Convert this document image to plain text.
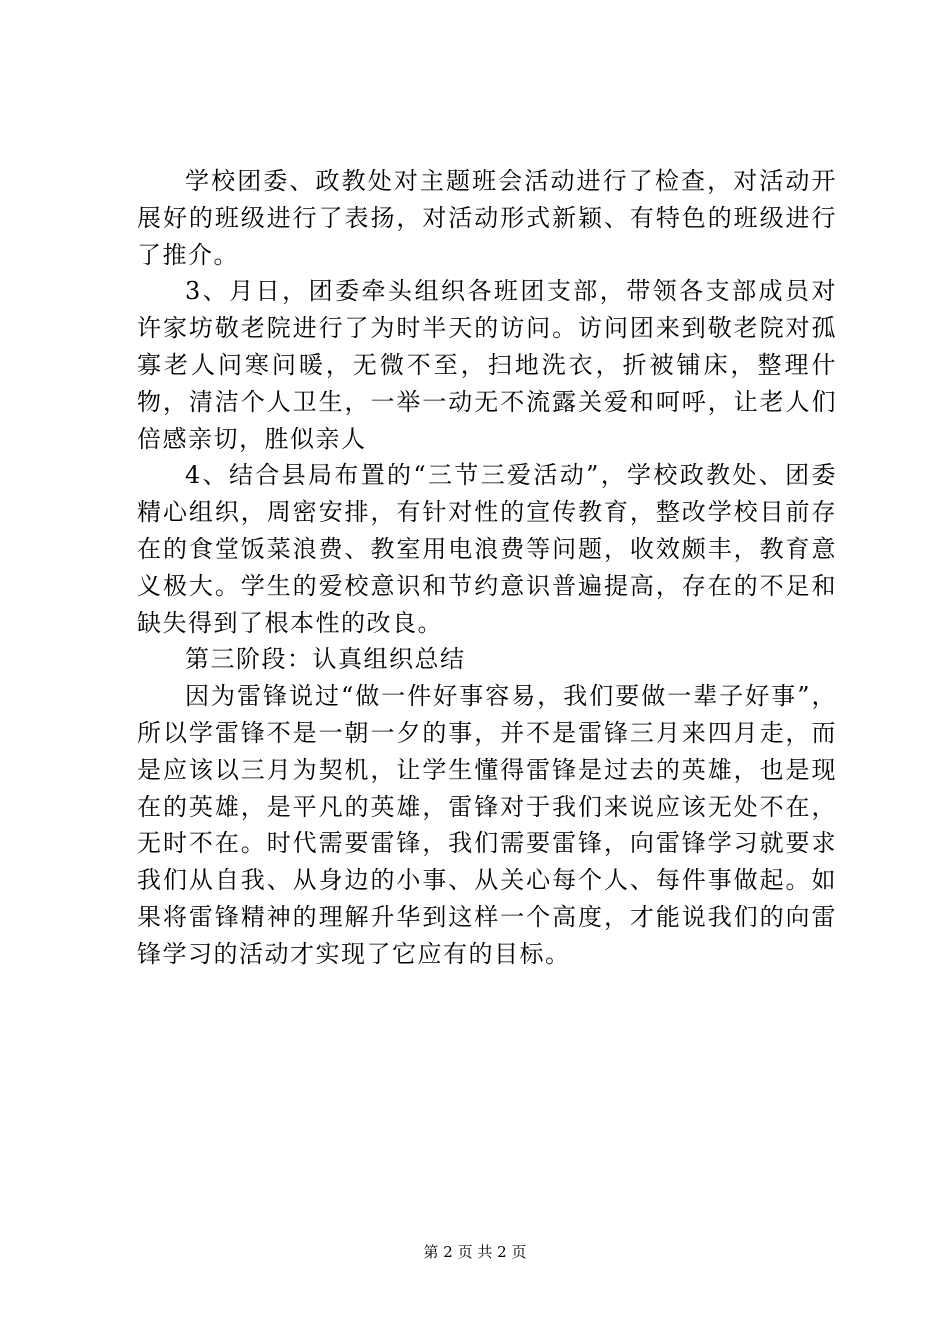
学校团委、政教处对主题班会活动进行了检查，对活动开展好的班级进行了表扬，对活动形式新颖、有特色的班级进行了推介。

3、月日，团委牵头组织各班团支部，带领各支部成员对许家坊敬老院进行了为时半天的访问。访问团来到敬老院对孤寡老人问寒问暖，无微不至，扫地洗衣，折被铺床，整理什物，清洁个人卫生，一举一动无不流露关爱和呵呼，让老人们倍感亲切，胜似亲人

4、结合县局布置的“三节三爱活动”，学校政教处、团委精心组织，周密安排，有针对性的宣传教育，整改学校目前存在的食堂饭菜浪费、教室用电浪费等问题，收效颇丰，教育意义极大。学生的爱校意识和节约意识普遍提高，存在的不足和缺失得到了根本性的改良。

第三阶段：认真组织总结

因为雷锋说过“做一件好事容易，我们要做一辈子好事”，所以学雷锋不是一朝一夕的事，并不是雷锋三月来四月走，而是应该以三月为契机，让学生懂得雷锋是过去的英雄，也是现在的英雄，是平凡的英雄，雷锋对于我们来说应该无处不在，无时不在。时代需要雷锋，我们需要雷锋，向雷锋学习就要求我们从自我、从身边的小事、从关心每个人、每件事做起。如果将雷锋精神的理解升华到这样一个高度，才能说我们的向雷锋学习的活动才实现了它应有的目标。

第 2 页 共 2 页
